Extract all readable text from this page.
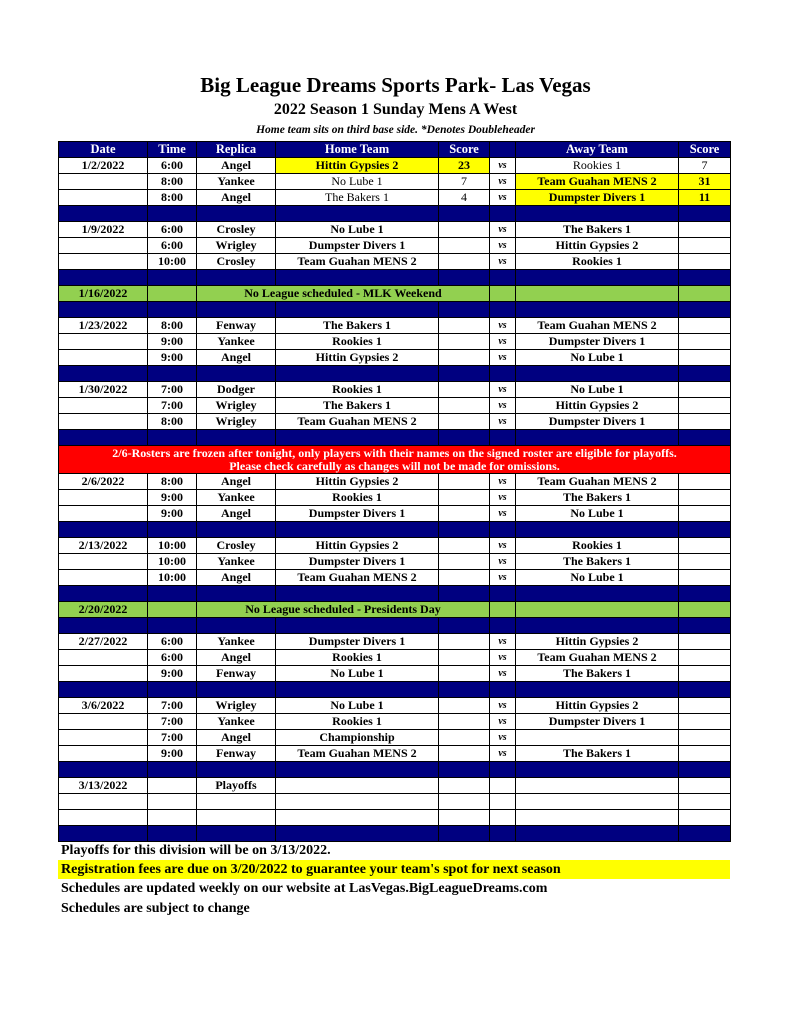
Big League Dreams Sports Park- Las Vegas
2022 Season 1 Sunday Mens A West
Home team sits on third base side. *Denotes Doubleheader
Date	Time	Replica	Home Team	Score		Away Team	Score	
1/2/2022	6:00	Angel	Hittin Gypsies 2	23	vs	Rookies 1	7	
	8:00	Yankee	No Lube 1	7	vs	Team Guahan MENS 2	31	
	8:00	Angel	The Bakers 1	4	vs	Dumpster Divers 1	11	

1/9/2022	6:00	Crosley	No Lube 1		vs	The Bakers 1		
	6:00	Wrigley	Dumpster Divers 1		vs	Hittin Gypsies 2		
	10:00	Crosley	Team Guahan MENS 2		vs	Rookies 1		

1/16/2022		No League scheduled - MLK Weekend						

1/23/2022	8:00	Fenway	The Bakers 1		vs	Team Guahan MENS 2		
	9:00	Yankee	Rookies 1		vs	Dumpster Divers 1		
	9:00	Angel	Hittin Gypsies 2		vs	No Lube 1		

1/30/2022	7:00	Dodger	Rookies 1		vs	No Lube 1		
	7:00	Wrigley	The Bakers 1		vs	Hittin Gypsies 2		
	8:00	Wrigley	Team Guahan MENS 2		vs	Dumpster Divers 1		

2/6-Rosters are frozen after tonight, only players with their names on the signed roster are eligible for playoffs.
Please check carefully as changes will not be made for omissions.								

2/6/2022	8:00	Angel	Hittin Gypsies 2		vs	Team Guahan MENS 2		
	9:00	Yankee	Rookies 1		vs	The Bakers 1		
	9:00	Angel	Dumpster Divers 1		vs	No Lube 1		

2/13/2022	10:00	Crosley	Hittin Gypsies 2		vs	Rookies 1		
	10:00	Yankee	Dumpster Divers 1		vs	The Bakers 1		
	10:00	Angel	Team Guahan MENS 2		vs	No Lube 1		

2/20/2022		No League scheduled - Presidents Day						

2/27/2022	6:00	Yankee	Dumpster Divers 1		vs	Hittin Gypsies 2		
	6:00	Angel	Rookies 1		vs	Team Guahan MENS 2		
	9:00	Fenway	No Lube 1		vs	The Bakers 1		

3/6/2022	7:00	Wrigley	No Lube 1		vs	Hittin Gypsies 2		
	7:00	Yankee	Rookies 1		vs	Dumpster Divers 1		
	7:00	Angel	Championship		vs			
	9:00	Fenway	Team Guahan MENS 2		vs	The Bakers 1		

3/13/2022		Playoffs						

Playoffs for this division will be on 3/13/2022.
Registration fees are due on 3/20/2022 to guarantee your team's spot for next season
Schedules are updated weekly on our website at LasVegas.BigLeagueDreams.com
Schedules are subject to change
